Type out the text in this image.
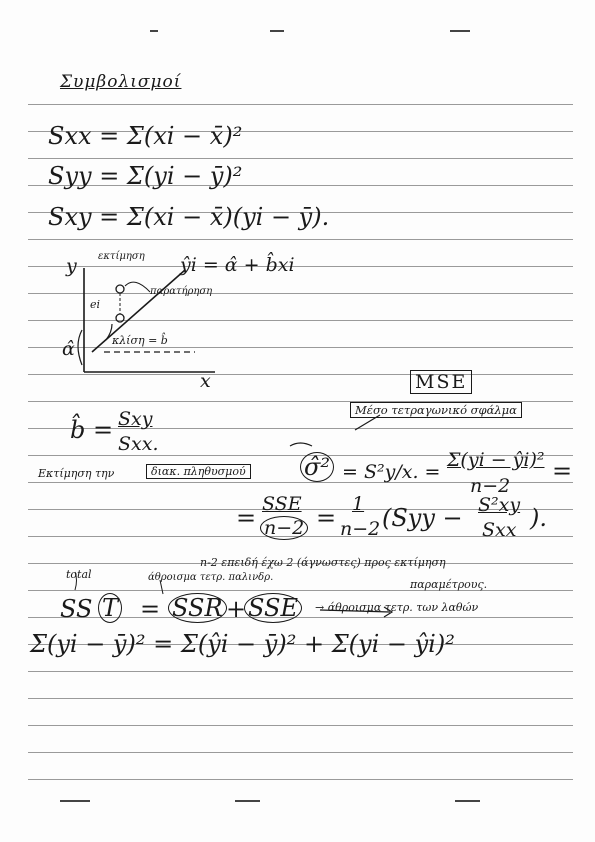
Συμβολισμοί
Sxx = Σ(xi − x̄)²
Syy = Σ(yi − ȳ)²
Sxy = Σ(xi − x̄)(yi − ȳ).
y εκτίμηση ŷi = α̂ + b̂xi
παρατήρηση
ei
α̂	κλίση = b̂
x	MSE
Μέσο τετραγωνικό σφάλμα
b̂ = Sxy
Sxx.
Εκτίμηση την	διακ. πληθυσμού σ̂² = S²y/x. =
Σ(yi − ŷi)²
n−2
=
= SSE
n−2 = 1
n−2 (Syy − S²xy
Sxx ).
n-2 επειδή έχω 2 (άγνωστες) προς εκτίμηση
παραμέτρους.
total	άθροισμα τετρ. παλινδρ.
SS T = SSR + SSE	→ άθροισμα τετρ. των λαθών
Σ(yi − ȳ)² = Σ(ŷi − ȳ)² + Σ(yi − ŷi)²
